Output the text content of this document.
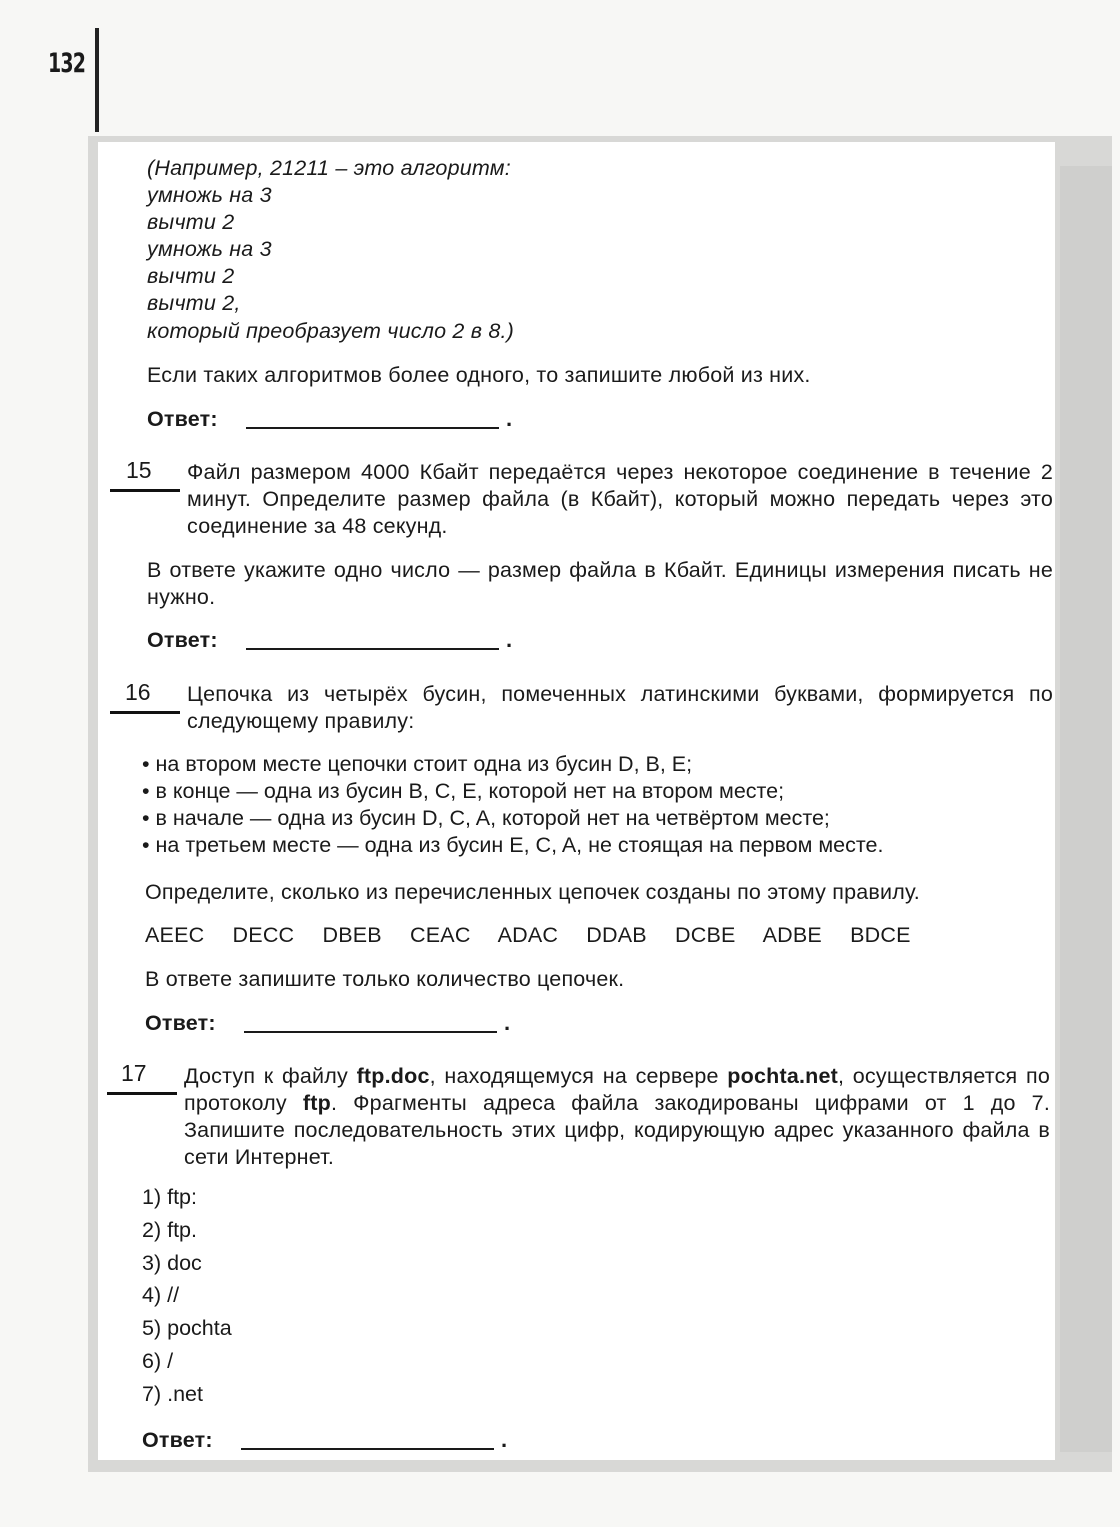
132
(Например, 21211 – это алгоритм:
умножь на 3
вычти 2
умножь на 3
вычти 2
вычти 2,
который преобразует число 2 в 8.)
Если таких алгоритмов более одного, то запишите любой из них.
Ответ:	.
15 Файл размером 4000 Кбайт передаётся через некоторое соединение в течение 2 минут. Определите размер файла (в Кбайт), который можно передать через это соединение за 48 секунд.
В ответе укажите одно число — размер файла в Кбайт. Единицы измерения писать не нужно.
Ответ:	.
16 Цепочка из четырёх бусин, помеченных латинскими буквами, формируется по следующему правилу:
• на втором месте цепочки стоит одна из бусин D, B, E;
• в конце — одна из бусин B, C, E, которой нет на втором месте;
• в начале — одна из бусин D, C, A, которой нет на четвёртом месте;
• на третьем месте — одна из бусин E, C, A, не стоящая на первом месте.
Определите, сколько из перечисленных цепочек созданы по этому правилу.
AEEC DECC DBEB CEAC ADAC DDAB DCBE ADBE BDCE
В ответе запишите только количество цепочек.
Ответ:	.
17 Доступ к файлу ftp.doc, находящемуся на сервере pochta.net, осуществляется по протоколу ftp. Фрагменты адреса файла закодированы цифрами от 1 до 7. Запишите последовательность этих цифр, кодирующую адрес указанного файла в сети Интернет.
1) ftp:
2) ftp.
3) doc
4) //
5) pochta
6) /
7) .net
Ответ:	.
